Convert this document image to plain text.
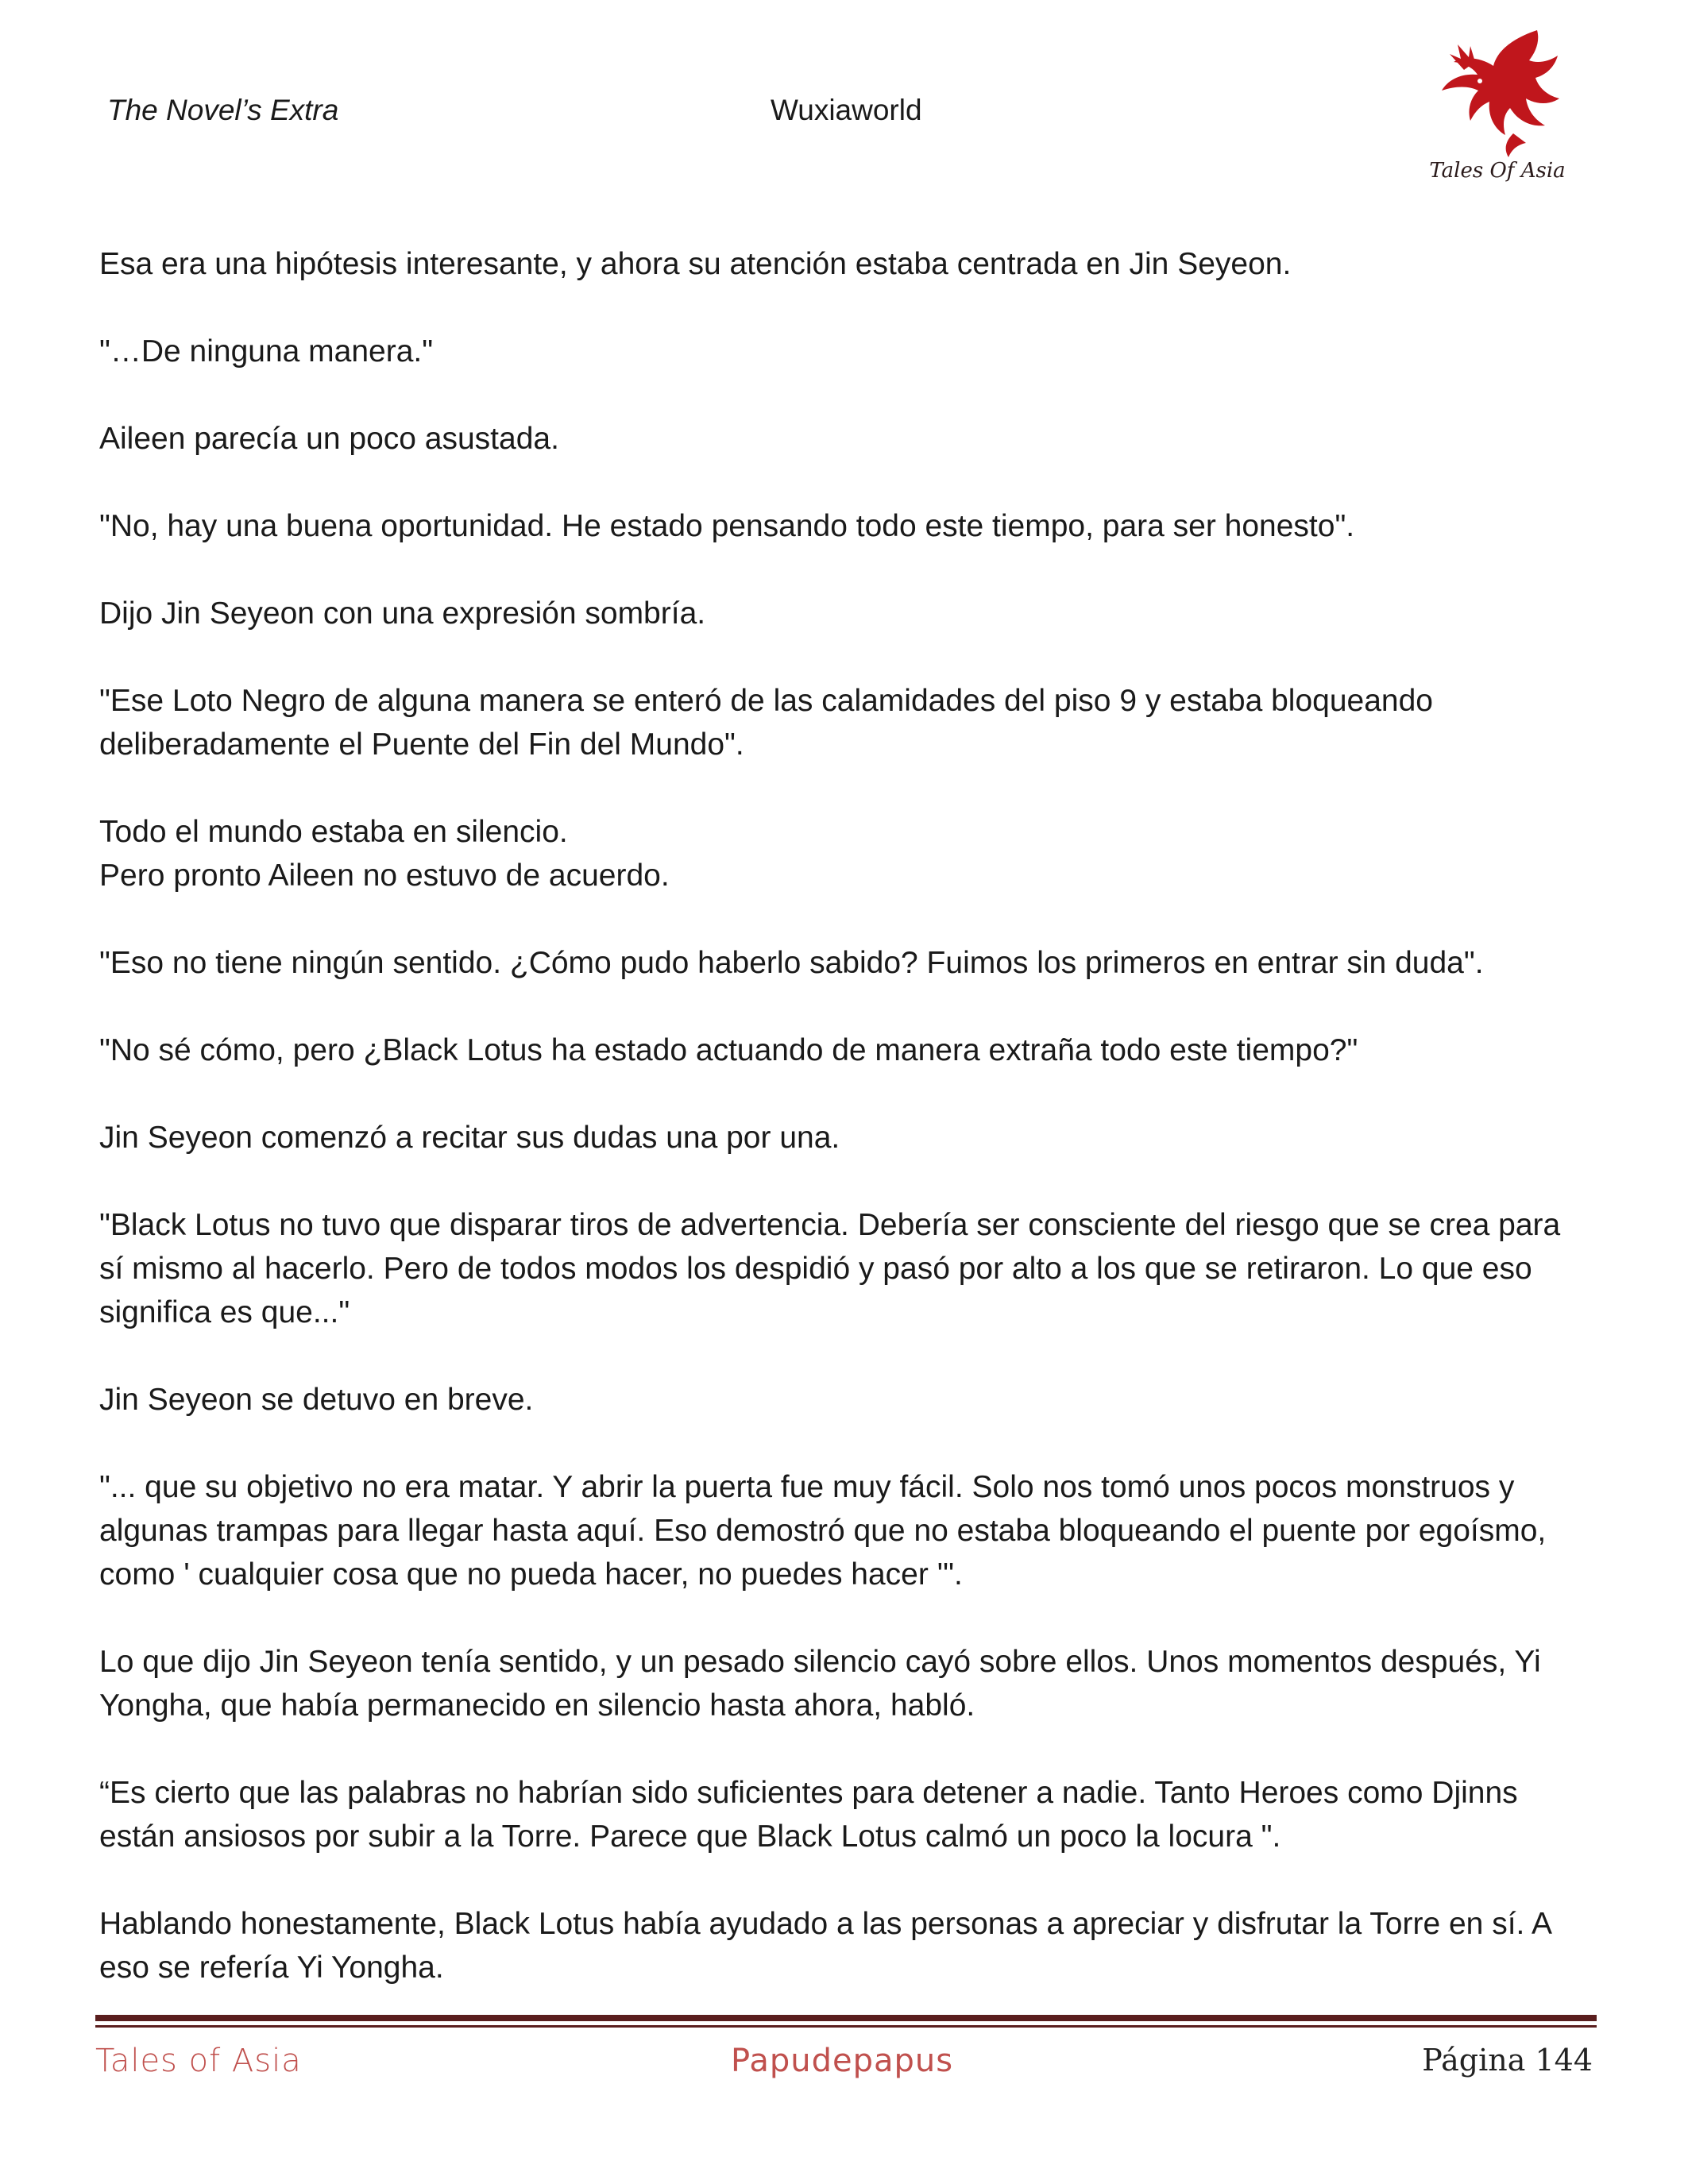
The Novel’s Extra	Wuxiaworld
Tales Of Asia

Esa era una hipótesis interesante, y ahora su atención estaba centrada en Jin Seyeon.

"…De ninguna manera."

Aileen parecía un poco asustada.

"No, hay una buena oportunidad. He estado pensando todo este tiempo, para ser honesto".

Dijo Jin Seyeon con una expresión sombría.

"Ese Loto Negro de alguna manera se enteró de las calamidades del piso 9 y estaba bloqueando deliberadamente el Puente del Fin del Mundo".

Todo el mundo estaba en silencio.
Pero pronto Aileen no estuvo de acuerdo.

"Eso no tiene ningún sentido. ¿Cómo pudo haberlo sabido? Fuimos los primeros en entrar sin duda".

"No sé cómo, pero ¿Black Lotus ha estado actuando de manera extraña todo este tiempo?"

Jin Seyeon comenzó a recitar sus dudas una por una.

"Black Lotus no tuvo que disparar tiros de advertencia. Debería ser consciente del riesgo que se crea para sí mismo al hacerlo. Pero de todos modos los despidió y pasó por alto a los que se retiraron. Lo que eso significa es que..."

Jin Seyeon se detuvo en breve.

"... que su objetivo no era matar. Y abrir la puerta fue muy fácil. Solo nos tomó unos pocos monstruos y algunas trampas para llegar hasta aquí. Eso demostró que no estaba bloqueando el puente por egoísmo, como ' cualquier cosa que no pueda hacer, no puedes hacer '".

Lo que dijo Jin Seyeon tenía sentido, y un pesado silencio cayó sobre ellos. Unos momentos después, Yi Yongha, que había permanecido en silencio hasta ahora, habló.

“Es cierto que las palabras no habrían sido suficientes para detener a nadie. Tanto Heroes como Djinns están ansiosos por subir a la Torre. Parece que Black Lotus calmó un poco la locura ".

Hablando honestamente, Black Lotus había ayudado a las personas a apreciar y disfrutar la Torre en sí. A eso se refería Yi Yongha.

Tales of Asia	Papudepapus	Página 144
